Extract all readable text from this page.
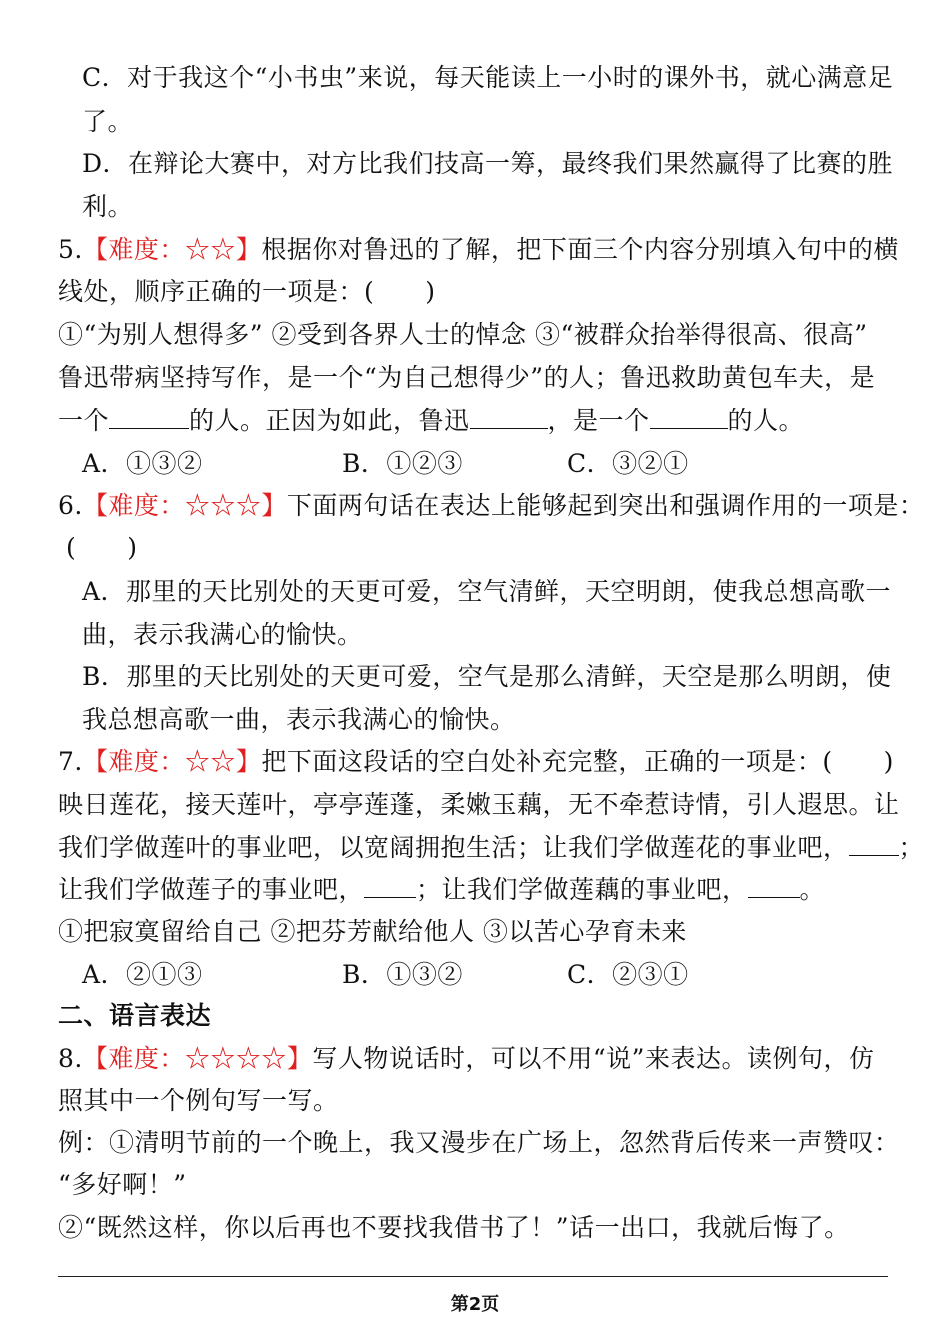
C．对于我这个“小书虫”来说，每天能读上一小时的课外书，就心满意足
了。
D．在辩论大赛中，对方比我们技高一筹，最终我们果然赢得了比赛的胜
利。
5.【难度：☆☆】根据你对鲁迅的了解，把下面三个内容分别填入句中的横
线处，顺序正确的一项是：(　　)
①“为别人想得多” ②受到各界人士的悼念 ③“被群众抬举得很高、很高”
鲁迅带病坚持写作，是一个“为自己想得少”的人；鲁迅救助黄包车夫，是
一个	的人。正因为如此，鲁迅	，是一个	的人。
A．①③②	B．①②③	C．③②①
6.【难度：☆☆☆】下面两句话在表达上能够起到突出和强调作用的一项是：
(　　)
A．那里的天比别处的天更可爱，空气清鲜，天空明朗，使我总想高歌一
曲，表示我满心的愉快。
B．那里的天比别处的天更可爱，空气是那么清鲜，天空是那么明朗，使
我总想高歌一曲，表示我满心的愉快。
7.【难度：☆☆】把下面这段话的空白处补充完整，正确的一项是：(　　)
映日莲花，接天莲叶，亭亭莲蓬，柔嫩玉藕，无不牵惹诗情，引人遐思。让
我们学做莲叶的事业吧，以宽阔拥抱生活；让我们学做莲花的事业吧， ；
让我们学做莲子的事业吧， ；让我们学做莲藕的事业吧， 。
①把寂寞留给自己 ②把芬芳献给他人 ③以苦心孕育未来
A．②①③	B．①③②	C．②③①
二、语言表达
8.【难度：☆☆☆☆】写人物说话时，可以不用“说”来表达。读例句，仿
照其中一个例句写一写。
例：①清明节前的一个晚上，我又漫步在广场上，忽然背后传来一声赞叹：
“多好啊！”
②“既然这样，你以后再也不要找我借书了！”话一出口，我就后悔了。
第2页
